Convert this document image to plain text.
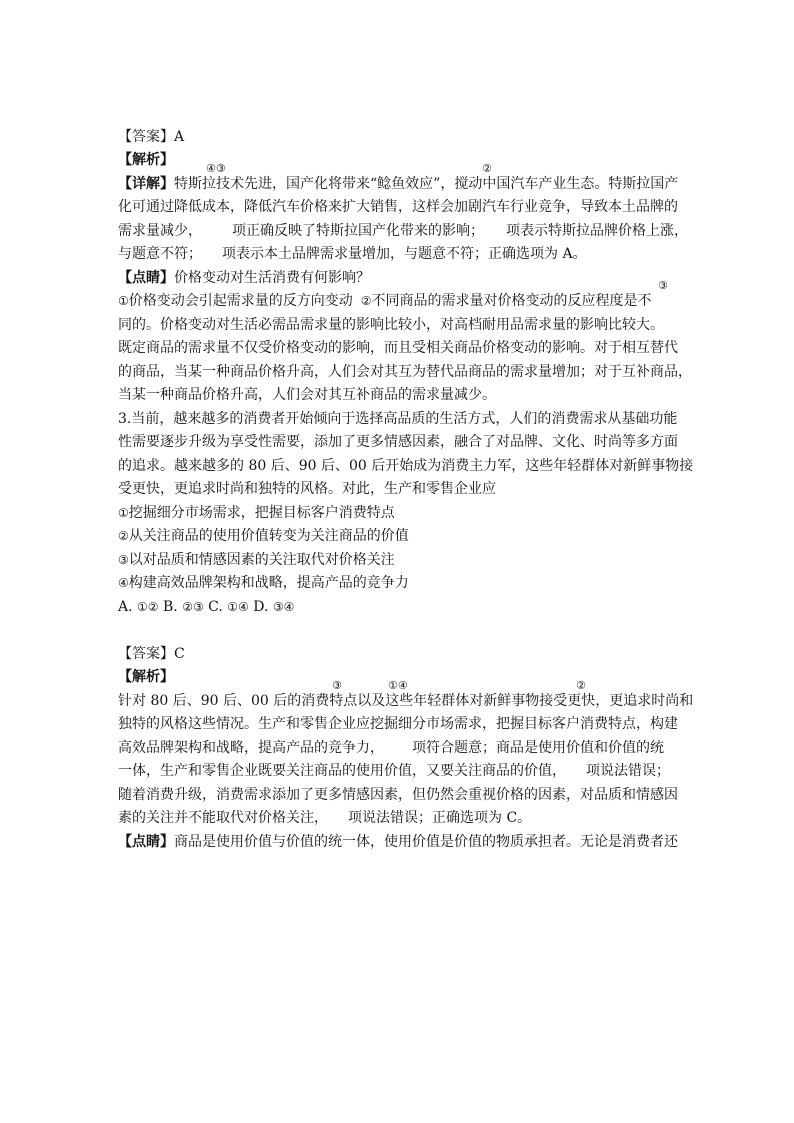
【答案】A
【解析】
【详解】特斯拉技术先进，国产化将带来“鲶鱼效应”，搅动中国汽车产业生态。特斯拉国产
④③	②
化可通过降低成本，降低汽车价格来扩大销售，这样会加剧汽车行业竞争，导致本土品牌的
需求量减少， 项正确反映了特斯拉国产化带来的影响； 项表示特斯拉品牌价格上涨，
与题意不符； 项表示本土品牌需求量增加，与题意不符；正确选项为 A。
【点睛】价格变动对生活消费有何影响？
①价格变动会引起需求量的反方向变动 ②不同商品的需求量对价格变动的反应程度是不
③
同的。价格变动对生活必需品需求量的影响比较小，对高档耐用品需求量的影响比较大。
既定商品的需求量不仅受价格变动的影响，而且受相关商品价格变动的影响。对于相互替代
的商品，当某一种商品价格升高，人们会对其互为替代品商品的需求量增加；对于互补商品，
当某一种商品价格升高，人们会对其互补商品的需求量减少。
3.当前，越来越多的消费者开始倾向于选择高品质的生活方式，人们的消费需求从基础功能
性需要逐步升级为享受性需要，添加了更多情感因素，融合了对品牌、文化、时尚等多方面
的追求。越来越多的 80 后、90 后、00 后开始成为消费主力军，这些年轻群体对新鲜事物接
受更快，更追求时尚和独特的风格。对此，生产和零售企业应
①挖掘细分市场需求，把握目标客户消费特点
②从关注商品的使用价值转变为关注商品的价值
③以对品质和情感因素的关注取代对价格关注
④构建高效品牌架构和战略，提高产品的竞争力
A. ①② B. ②③ C. ①④ D. ③④
【答案】C
【解析】
针对 80 后、90 后、00 后的消费特点以及这些年轻群体对新鲜事物接受更快，更追求时尚和
③	①④	②
独特的风格这些情况。生产和零售企业应挖掘细分市场需求，把握目标客户消费特点，构建
高效品牌架构和战略，提高产品的竞争力， 项符合题意；商品是使用价值和价值的统
一体，生产和零售企业既要关注商品的使用价值，又要关注商品的价值， 项说法错误；
随着消费升级，消费需求添加了更多情感因素，但仍然会重视价格的因素，对品质和情感因
素的关注并不能取代对价格关注， 项说法错误；正确选项为 C。
【点睛】商品是使用价值与价值的统一体，使用价值是价值的物质承担者。无论是消费者还
